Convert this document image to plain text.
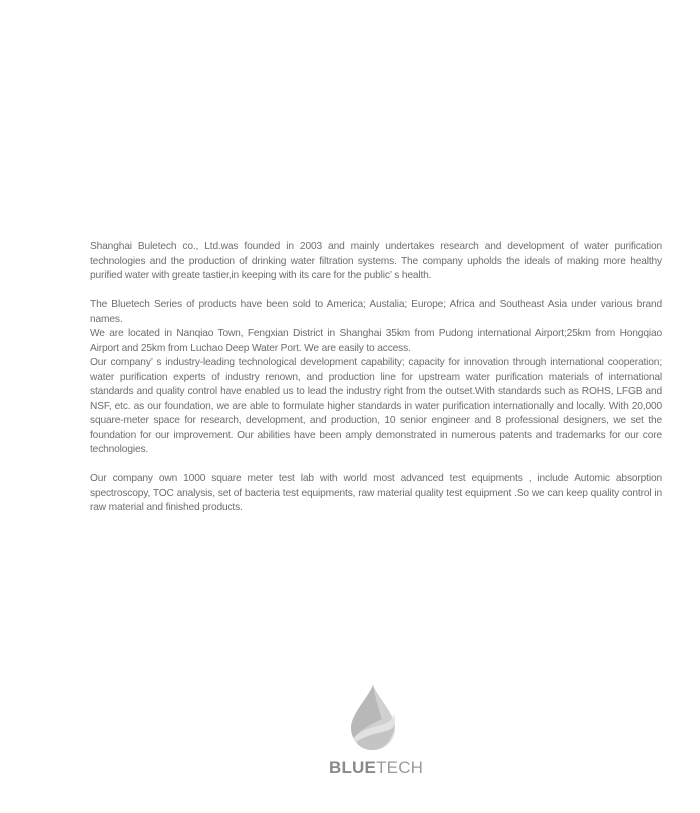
Shanghai Buletech co., Ltd.was founded in 2003 and mainly undertakes research and development of water purification technologies and the production of drinking water filtration systems. The company upholds the ideals of making more healthy purified water with greate tastier,in keeping with its care for the public’ s health.

The Bluetech Series of products have been sold to America; Austalia; Europe; Africa and Southeast Asia under various brand names.

We are located in Nanqiao Town, Fengxian District in Shanghai 35km from Pudong international Airport;25km from Hongqiao Airport and 25km from Luchao Deep Water Port. We are easily to access.

Our company’ s industry-leading technological development capability; capacity for innovation through international cooperation; water purification experts of industry renown, and production line for upstream water purification materials of international standards and quality control have enabled us to lead the industry right from the outset.With standards such as ROHS, LFGB and NSF, etc. as our foundation, we are able to formulate higher standards in water purification internationally and locally. With 20,000 square-meter space for research, development, and production, 10 senior engineer and 8 professional designers, we set the foundation for our improvement. Our abilities have been amply demonstrated in numerous patents and trademarks for our core technologies.

Our company own 1000 square meter test lab with world most advanced test equipments , include Automic absorption spectroscopy, TOC analysis, set of bacteria test equipments, raw material quality test equipment .So we can keep quality control in raw material and finished products.

BLUETECH
